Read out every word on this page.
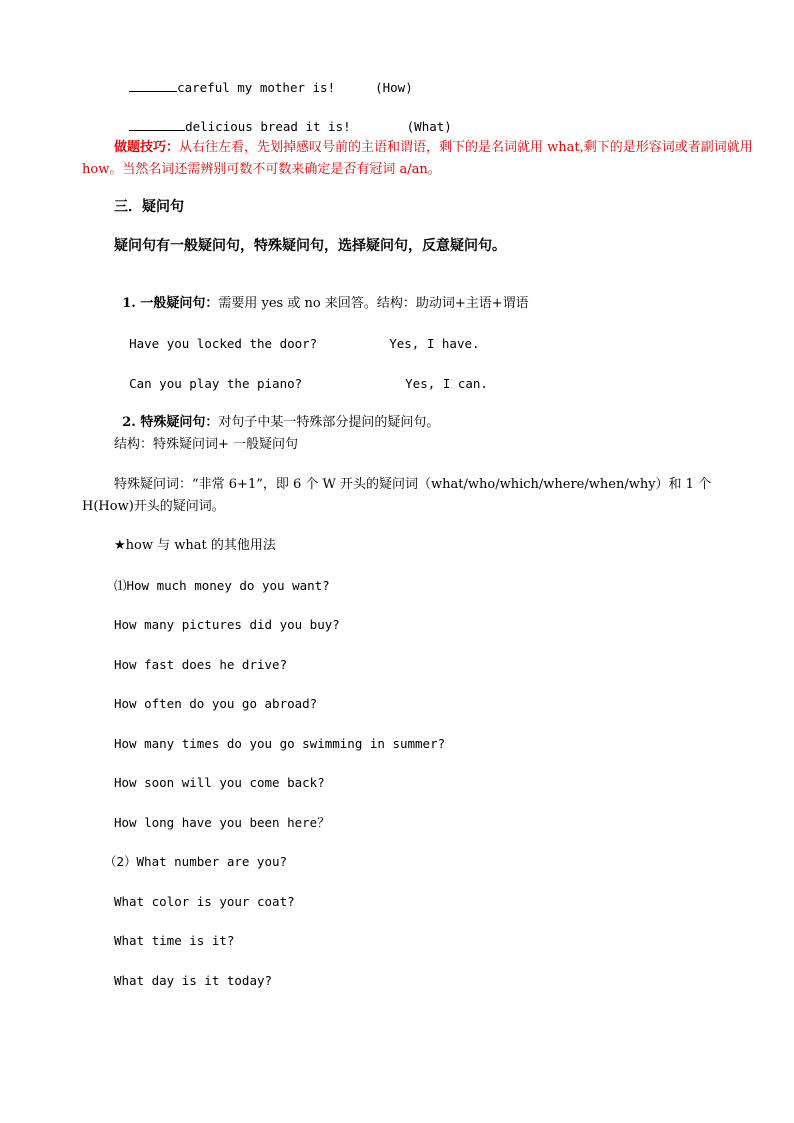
careful my mother is!	(How)

delicious bread it is!	(What)

做题技巧：从右往左看，先划掉感叹号前的主语和谓语，剩下的是名词就用 what,剩下的是形容词或者副词就用 how。当然名词还需辨别可数不可数来确定是否有冠词 a/an。
三．疑问句
疑问句有一般疑问句，特殊疑问句，选择疑问句，反意疑问句。

1. 一般疑问句：需要用 yes 或 no 来回答。结构：助动词+主语+谓语

Have you locked the door?	Yes, I have.

Can you play the piano?	Yes, I can.

2. 特殊疑问句：对句子中某一特殊部分提问的疑问句。

结构：特殊疑问词+ 一般疑问句
特殊疑问词：“非常 6+1”，即 6 个 W 开头的疑问词（what/who/which/where/when/why）和 1 个 H(How)开头的疑问词。
★how 与 what 的其他用法
⑴How much money do you want?
How many pictures did you buy?
How fast does he drive?
How often do you go abroad?
How many times do you go swimming in summer?
How soon will you come back?
How long have you been here？
（2）What number are you?
What color is your coat?
What time is it?
What day is it today?
